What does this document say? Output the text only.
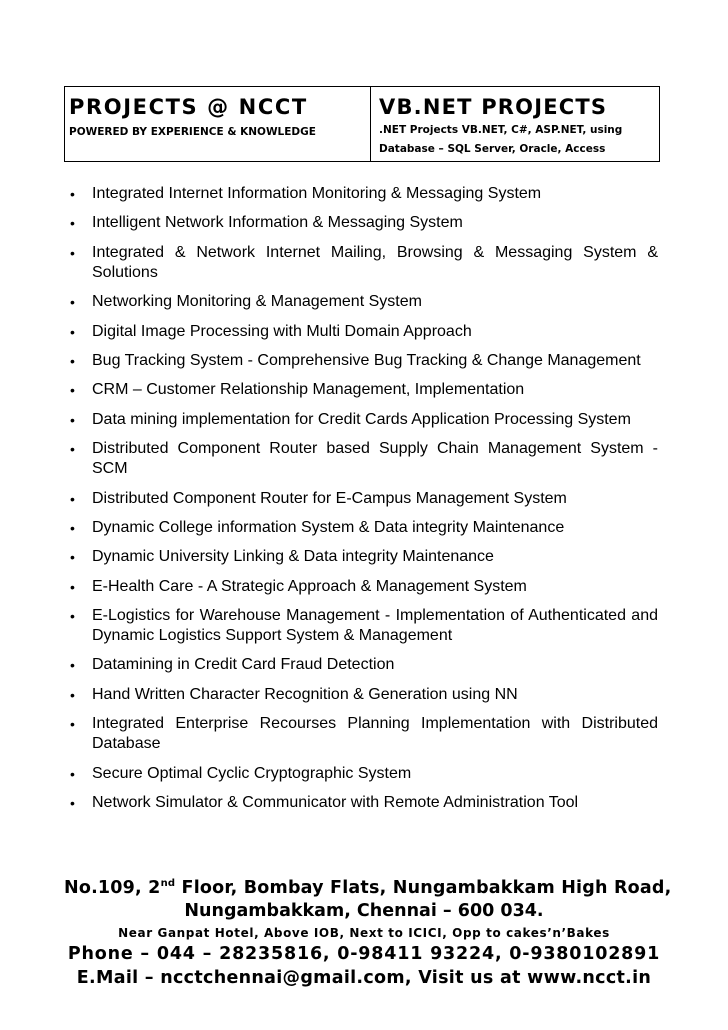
PROJECTS @ NCCT
POWERED BY EXPERIENCE & KNOWLEDGE
VB.NET PROJECTS
.NET Projects VB.NET, C#, ASP.NET, using
Database – SQL Server, Oracle, Access
• Integrated Internet Information Monitoring & Messaging System
• Intelligent Network Information & Messaging System
• Integrated & Network Internet Mailing, Browsing & Messaging System & Solutions
• Networking Monitoring & Management System
• Digital Image Processing with Multi Domain Approach
• Bug Tracking System - Comprehensive Bug Tracking & Change Management
• CRM – Customer Relationship Management, Implementation
• Data mining implementation for Credit Cards Application Processing System
• Distributed Component Router based Supply Chain Management System - SCM
• Distributed Component Router for E-Campus Management System
• Dynamic College information System & Data integrity Maintenance
• Dynamic University Linking & Data integrity Maintenance
• E-Health Care - A Strategic Approach & Management System
• E-Logistics for Warehouse Management - Implementation of Authenticated and Dynamic Logistics Support System & Management
• Datamining in Credit Card Fraud Detection
• Hand Written Character Recognition & Generation using NN
• Integrated Enterprise Recourses Planning Implementation with Distributed Database
• Secure Optimal Cyclic Cryptographic System
• Network Simulator & Communicator with Remote Administration Tool
No.109, 2nd Floor, Bombay Flats, Nungambakkam High Road,
Nungambakkam, Chennai – 600 034.
Near Ganpat Hotel, Above IOB, Next to ICICI, Opp to cakes’n’Bakes
Phone – 044 – 28235816, 0-98411 93224, 0-9380102891
E.Mail – ncctchennai@gmail.com, Visit us at www.ncct.in
